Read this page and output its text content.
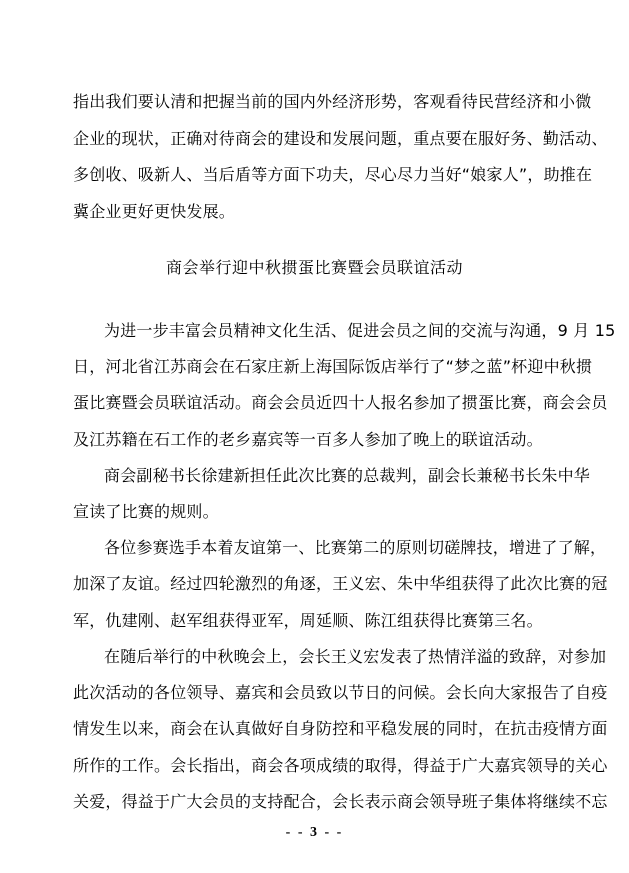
指出我们要认清和把握当前的国内外经济形势，客观看待民营经济和小微
企业的现状，正确对待商会的建设和发展问题，重点要在服好务、勤活动、
多创收、吸新人、当后盾等方面下功夫，尽心尽力当好“娘家人”，助推在
冀企业更好更快发展。
商会举行迎中秋掼蛋比赛暨会员联谊活动
为进一步丰富会员精神文化生活、促进会员之间的交流与沟通，9 月 15
日，河北省江苏商会在石家庄新上海国际饭店举行了“梦之蓝”杯迎中秋掼
蛋比赛暨会员联谊活动。商会会员近四十人报名参加了掼蛋比赛，商会会员
及江苏籍在石工作的老乡嘉宾等一百多人参加了晚上的联谊活动。
商会副秘书长徐建新担任此次比赛的总裁判，副会长兼秘书长朱中华
宣读了比赛的规则。
各位参赛选手本着友谊第一、比赛第二的原则切磋牌技，增进了了解，
加深了友谊。经过四轮激烈的角逐，王义宏、朱中华组获得了此次比赛的冠
军，仇建刚、赵军组获得亚军，周延顺、陈江组获得比赛第三名。
在随后举行的中秋晚会上，会长王义宏发表了热情洋溢的致辞，对参加
此次活动的各位领导、嘉宾和会员致以节日的问候。会长向大家报告了自疫
情发生以来，商会在认真做好自身防控和平稳发展的同时，在抗击疫情方面
所作的工作。会长指出，商会各项成绩的取得，得益于广大嘉宾领导的关心
关爱，得益于广大会员的支持配合，会长表示商会领导班子集体将继续不忘
- - 3 - -
